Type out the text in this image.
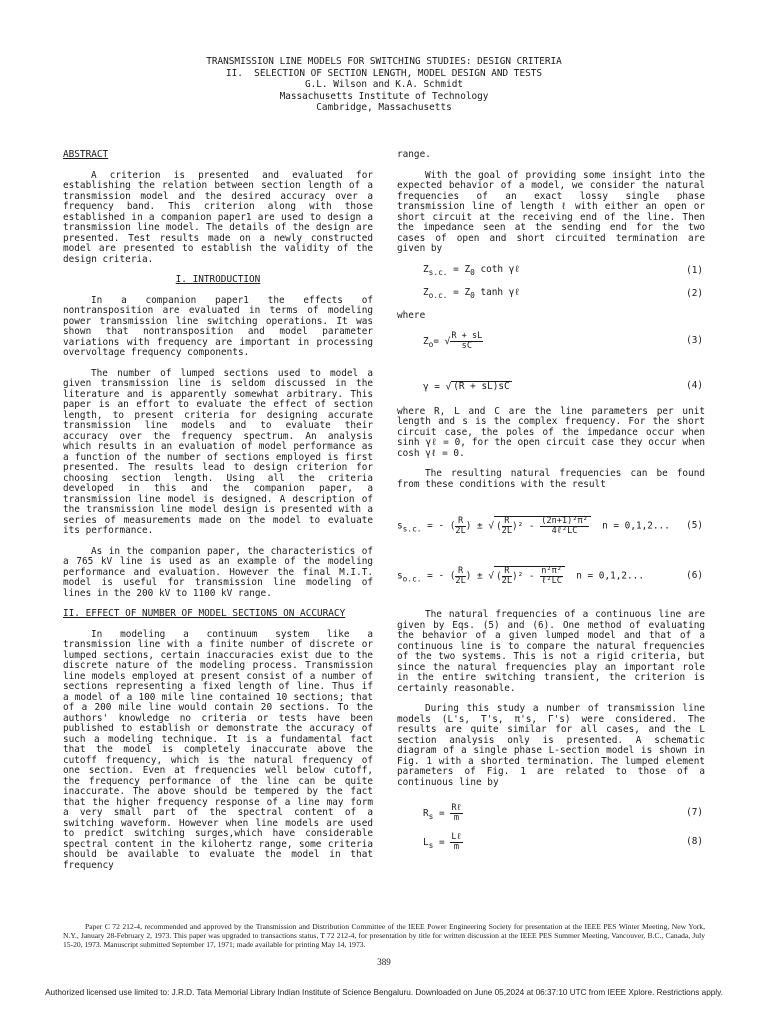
TRANSMISSION LINE MODELS FOR SWITCHING STUDIES: DESIGN CRITERIA
II.  SELECTION OF SECTION LENGTH, MODEL DESIGN AND TESTS
G.L. Wilson and K.A. Schmidt
Massachusetts Institute of Technology
Cambridge, Massachusetts

ABSTRACT

A criterion is presented and evaluated for establishing the relation between section length of a transmission model and the desired accuracy over a frequency band. This criterion along with those established in a companion paper1 are used to design a transmission line model. The details of the design are presented. Test results made on a newly constructed model are presented to establish the validity of the design criteria.

I. INTRODUCTION

In a companion paper1 the effects of nontransposition are evaluated in terms of modeling power transmission line switching operations. It was shown that nontransposition and model parameter variations with frequency are important in processing overvoltage frequency components.

The number of lumped sections used to model a given transmission line is seldom discussed in the literature and is apparently somewhat arbitrary. This paper is an effort to evaluate the effect of section length, to present criteria for designing accurate transmission line models and to evaluate their accuracy over the frequency spectrum. An analysis which results in an evaluation of model performance as a function of the number of sections employed is first presented. The results lead to design criterion for choosing section length. Using all the criteria developed in this and the companion paper, a transmission line model is designed. A description of the transmission line model design is presented with a series of measurements made on the model to evaluate its performance.

As in the companion paper, the characteristics of a 765 kV line is used as an example of the modeling performance and evaluation. However the final M.I.T. model is useful for transmission line modeling of lines in the 200 kV to 1100 kV range.

II. EFFECT OF NUMBER OF MODEL SECTIONS ON ACCURACY

In modeling a continuum system like a transmission line with a finite number of discrete or lumped sections, certain inaccuracies exist due to the discrete nature of the modeling process. Transmission line models employed at present consist of a number of sections representing a fixed length of line. Thus if a model of a 100 mile line contained 10 sections; that of a 200 mile line would contain 20 sections. To the authors' knowledge no criteria or tests have been published to establish or demonstrate the accuracy of such a modeling technique. It is a fundamental fact that the model is completely inaccurate above the cutoff frequency, which is the natural frequency of one section. Even at frequencies well below cutoff, the frequency performance of the line can be quite inaccurate. The above should be tempered by the fact that the higher frequency response of a line may form a very small part of the spectral content of a switching waveform. However when line models are used to predict switching surges,which have considerable spectral content in the kilohertz range, some criteria should be available to evaluate the model in that frequency

range.

With the goal of providing some insight into the expected behavior of a model, we consider the natural frequencies of an exact lossy single phase transmission line of length ℓ with either an open or short circuit at the receiving end of the line. Then the impedance seen at the sending end for the two cases of open and short circuited termination are given by

$Z_{s.c.} = Z_0$ coth γℓ	(1)
$Z_{o.c.} = Z_0$ tanh γℓ	(2)

where

$Z_o=$ √ $\frac{R + sL}{sC}$	(3)
γ = √ (R + sL)sC	(4)

where R, L and C are the line parameters per unit length and s is the complex frequency. For the short circuit case, the poles of the impedance occur when sinh γℓ = 0, for the open circuit case they occur when cosh γℓ = 0.

The resulting natural frequencies can be found from these conditions with the result

$s_{s.c.}$ = - ( $\frac{R}{2L}$ ) ± √ ( $\frac{R}{2L} )^2 - \frac{\text{(2n+1)²π²}}{\text{4ℓ²LC}}$ n = 0,1,2... (5)
$s_{o.c.}$ = - ( $\frac{R}{2L}$ ) ± √ ( $\frac{R}{2L} )^2 - \frac{\text{n²π²}}{\text{ℓ²LC}}$ n = 0,1,2...	(6)

The natural frequencies of a continuous line are given by Eqs. (5) and (6). One method of evaluating the behavior of a given lumped model and that of a continuous line is to compare the natural frequencies of the two systems. This is not a rigid criteria, but since the natural frequencies play an important role in the entire switching transient, the criterion is certainly reasonable.

During this study a number of transmission line models (L's, T's, π's, Γ's) were considered. The results are quite similar for all cases, and the L section analysis only is presented. A schematic diagram of a single phase L-section model is shown in Fig. 1 with a shorted termination. The lumped element parameters of Fig. 1 are related to those of a continuous line by

$R_s = \frac{\text{Rℓ}}{m}$	(7)
$L_s = \frac{\text{Lℓ}}{m}$	(8)
Paper C 72 212-4, recommended and approved by the Transmission and Distribution Committee of the IEEE Power Engineering Society for presentation at the IEEE PES Winter Meeting, New York, N.Y., January 28-February 2, 1973. This paper was upgraded to transactions status, T 72 212-4, for presentation by title for written discussion at the IEEE PES Summer Meeting, Vancouver, B.C., Canada, July 15-20, 1973. Manuscript submitted September 17, 1971; made available for printing May 14, 1973.
389
Authorized licensed use limited to: J.R.D. Tata Memorial Library Indian Institute of Science Bengaluru. Downloaded on June 05,2024 at 06:37:10 UTC from IEEE Xplore. Restrictions apply.
